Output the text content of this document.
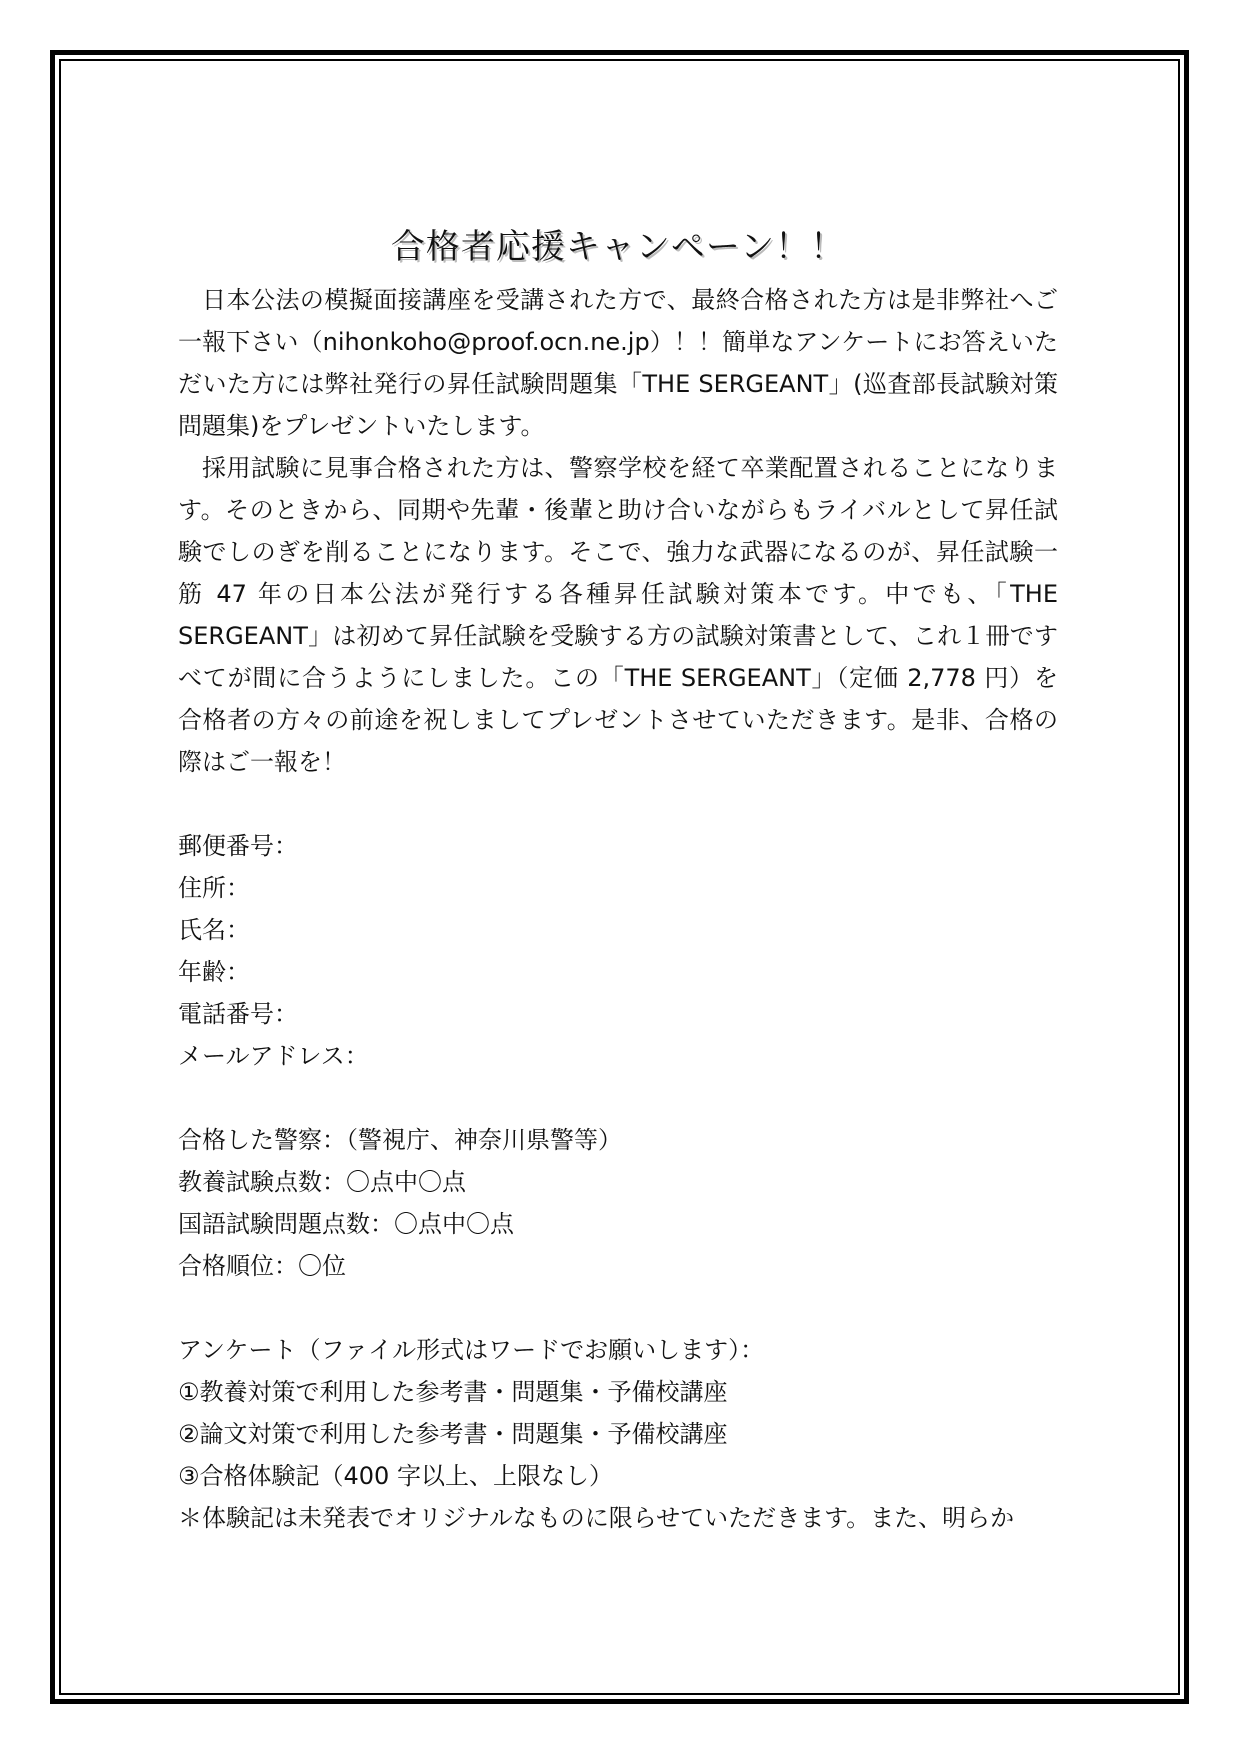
合格者応援キャンペーン！！

日本公法の模擬面接講座を受講された方で、最終合格された方は是非弊社へご一報下さい（nihonkoho@proof.ocn.ne.jp）！！簡単なアンケートにお答えいただいた方には弊社発行の昇任試験問題集「THE SERGEANT」(巡査部長試験対策問題集)をプレゼントいたします。

採用試験に見事合格された方は、警察学校を経て卒業配置されることになります。そのときから、同期や先輩・後輩と助け合いながらもライバルとして昇任試験でしのぎを削ることになります。そこで、強力な武器になるのが、昇任試験一筋 47 年の日本公法が発行する各種昇任試験対策本です。中でも、「THE SERGEANT」は初めて昇任試験を受験する方の試験対策書として、これ１冊ですべてが間に合うようにしました。この「THE SERGEANT」（定価 2,778 円）を合格者の方々の前途を祝しましてプレゼントさせていただきます。是非、合格の際はご一報を！

郵便番号：
住所：
氏名：
年齢：
電話番号：
メールアドレス：
合格した警察：（警視庁、神奈川県警等）
教養試験点数：〇点中〇点
国語試験問題点数：〇点中〇点
合格順位：〇位
アンケート（ファイル形式はワードでお願いします）：
①教養対策で利用した参考書・問題集・予備校講座
②論文対策で利用した参考書・問題集・予備校講座
③合格体験記（400 字以上、上限なし）
＊体験記は未発表でオリジナルなものに限らせていただきます。また、明らか
